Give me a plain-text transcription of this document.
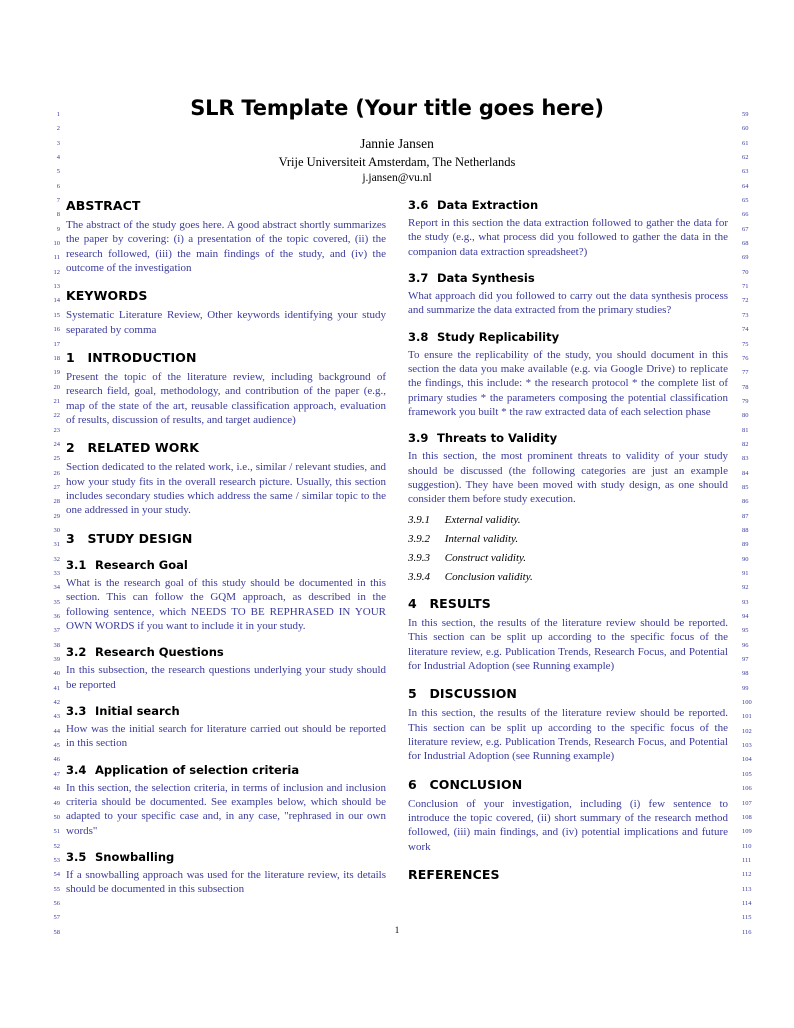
1
2
3
4
5
6
7
8
9
10
11
12
13
14
15
16
17
18
19
20
21
22
23
24
25
26
27
28
29
30
31
32
33
34
35
36
37
38
39
40
41
42
43
44
45
46
47
48
49
50
51
52
53
54
55
56
57
58
59
60
61
62
63
64
65
66
67
68
69
70
71
72
73
74
75
76
77
78
79
80
81
82
83
84
85
86
87
88
89
90
91
92
93
94
95
96
97
98
99
100
101
102
103
104
105
106
107
108
109
110
111
112
113
114
115
116
SLR Template (Your title goes here)
Jannie Jansen
Vrije Universiteit Amsterdam, The Netherlands
j.jansen@vu.nl
ABSTRACT

The abstract of the study goes here. A good abstract shortly summarizes the paper by covering: (i) a presentation of the topic covered, (ii) the research followed, (iii) the main findings of the study, and (iv) the outcome of the investigation

KEYWORDS

Systematic Literature Review, Other keywords identifying your study separated by comma

1 INTRODUCTION

Present the topic of the literature review, including background of research field, goal, methodology, and contribution of the paper (e.g., map of the state of the art, reusable classification approach, evaluation of results, discussion of results, and target audience)

2 RELATED WORK

Section dedicated to the related work, i.e., similar / relevant studies, and how your study fits in the overall research picture. Usually, this section includes secondary studies which address the same / similar topic to the one addressed in your study.

3 STUDY DESIGN
3.1 Research Goal

What is the research goal of this study should be documented in this section. This can follow the GQM approach, as described in the following sentence, which NEEDS TO BE REPHRASED IN YOUR OWN WORDS if you want to include it in your study.

3.2 Research Questions

In this subsection, the research questions underlying your study should be reported

3.3 Initial search

How was the initial search for literature carried out should be reported in this section

3.4 Application of selection criteria

In this section, the selection criteria, in terms of inclusion and inclusion criteria should be documented. See examples below, which should be adapted to your specific case and, in any case, "rephrased in our own words"

3.5 Snowballing

If a snowballing approach was used for the literature review, its details should be documented in this subsection

3.6 Data Extraction

Report in this section the data extraction followed to gather the data for the study (e.g., what process did you followed to gather the data in the companion data extraction spreadsheet?)

3.7 Data Synthesis

What approach did you followed to carry out the data synthesis process and summarize the data extracted from the primary studies?

3.8 Study Replicability

To ensure the replicability of the study, you should document in this section the data you make available (e.g. via Google Drive) to replicate the findings, this include: * the research protocol * the complete list of primary studies * the parameters composing the potential classification framework you built * the raw extracted data of each selection phase

3.9 Threats to Validity

In this section, the most prominent threats to validity of your study should be discussed (the following categories are just an example suggestion). They have been moved with study design, as one should consider them before study execution.

3.9.1 External validity.
3.9.2 Internal validity.
3.9.3 Construct validity.
3.9.4 Conclusion validity.
4 RESULTS

In this section, the results of the literature review should be reported. This section can be split up according to the specific focus of the literature review, e.g. Publication Trends, Research Focus, and Potential for Industrial Adoption (see Running example)

5 DISCUSSION

In this section, the results of the literature review should be reported. This section can be split up according to the specific focus of the literature review, e.g. Publication Trends, Research Focus, and Potential for Industrial Adoption (see Running example)

6 CONCLUSION

Conclusion of your investigation, including (i) few sentence to introduce the topic covered, (ii) short summary of the research method followed, (iii) main findings, and (iv) potential implications and future work

REFERENCES
1
